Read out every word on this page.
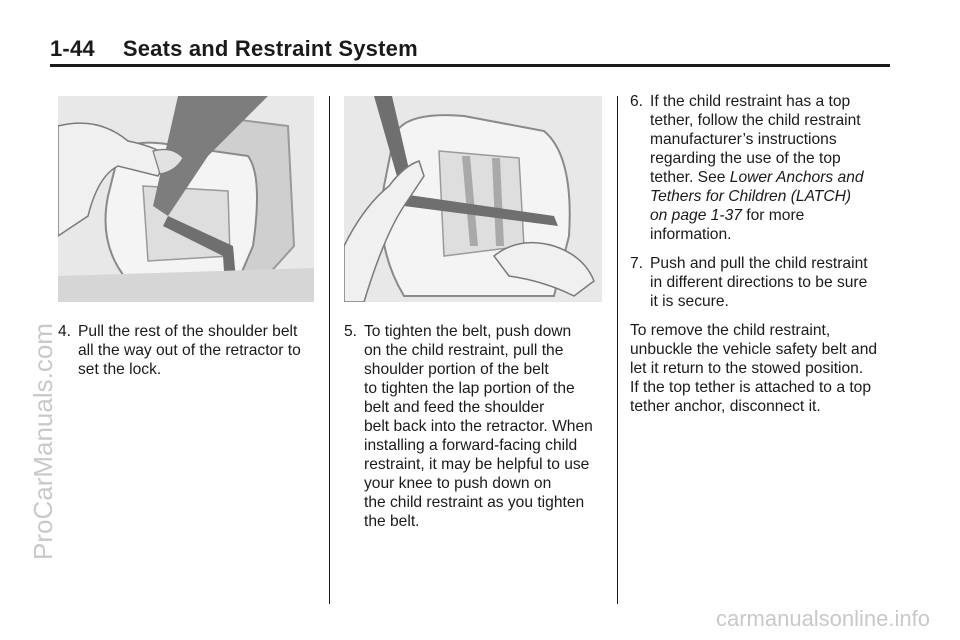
1-44 Seats and Restraint System
4. Pull the rest of the shoulder belt
all the way out of the retractor to
set the lock.
5. To tighten the belt, push down
on the child restraint, pull the
shoulder portion of the belt
to tighten the lap portion of the
belt and feed the shoulder
belt back into the retractor. When
installing a forward-facing child
restraint, it may be helpful to use
your knee to push down on
the child restraint as you tighten
the belt.
6. If the child restraint has a top
tether, follow the child restraint
manufacturer’s instructions
regarding the use of the top
tether. See Lower Anchors and
Tethers for Children (LATCH)
on page 1-37 for more
information.
7. Push and pull the child restraint
in different directions to be sure
it is secure.
To remove the child restraint,
unbuckle the vehicle safety belt and
let it return to the stowed position.
If the top tether is attached to a top
tether anchor, disconnect it.
ProCarManuals.com
carmanualsonline.info
